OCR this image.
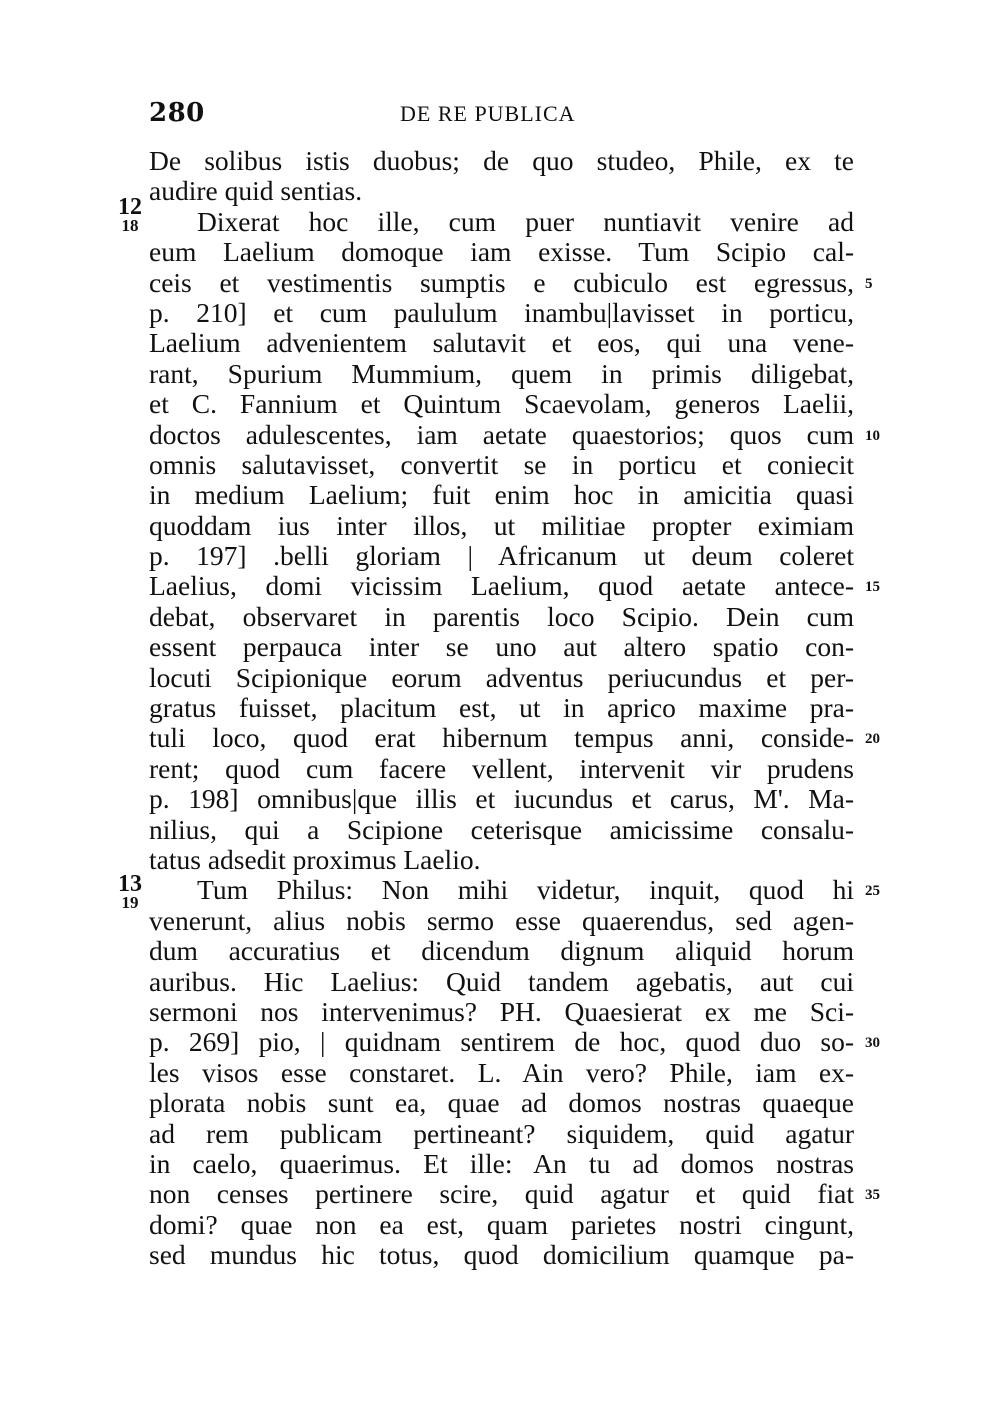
280	DE RE PUBLICA
12
18
13
19
De solibus istis duobus; de quo studeo, Phile, ex te
audire quid sentias.
Dixerat hoc ille, cum puer nuntiavit venire ad
eum Laelium domoque iam exisse. Tum Scipio cal-
ceis et vestimentis sumptis e cubiculo est egressus, 5
p. 210] et cum paululum inambu|lavisset in porticu,
Laelium advenientem salutavit et eos, qui una vene-
rant, Spurium Mummium, quem in primis diligebat,
et C. Fannium et Quintum Scaevolam, generos Laelii,
doctos adulescentes, iam aetate quaestorios; quos cum 10
omnis salutavisset, convertit se in porticu et coniecit
in medium Laelium; fuit enim hoc in amicitia quasi
quoddam ius inter illos, ut militiae propter eximiam
p. 197] .belli gloriam | Africanum ut deum coleret
Laelius, domi vicissim Laelium, quod aetate antece- 15
debat, observaret in parentis loco Scipio. Dein cum
essent perpauca inter se uno aut altero spatio con-
locuti Scipionique eorum adventus periucundus et per-
gratus fuisset, placitum est, ut in aprico maxime pra-
tuli loco, quod erat hibernum tempus anni, conside- 20
rent; quod cum facere vellent, intervenit vir prudens
p. 198] omnibus|que illis et iucundus et carus, M'. Ma-
nilius, qui a Scipione ceterisque amicissime consalu-
tatus adsedit proximus Laelio.
Tum Philus: Non mihi videtur, inquit, quod hi 25
venerunt, alius nobis sermo esse quaerendus, sed agen-
dum accuratius et dicendum dignum aliquid horum
auribus. Hic Laelius: Quid tandem agebatis, aut cui
sermoni nos intervenimus? PH. Quaesierat ex me Sci-
p. 269] pio, | quidnam sentirem de hoc, quod duo so- 30
les visos esse constaret. L. Ain vero? Phile, iam ex-
plorata nobis sunt ea, quae ad domos nostras quaeque
ad rem publicam pertineant? siquidem, quid agatur
in caelo, quaerimus. Et ille: An tu ad domos nostras
non censes pertinere scire, quid agatur et quid fiat 35
domi? quae non ea est, quam parietes nostri cingunt,
sed mundus hic totus, quod domicilium quamque pa-
